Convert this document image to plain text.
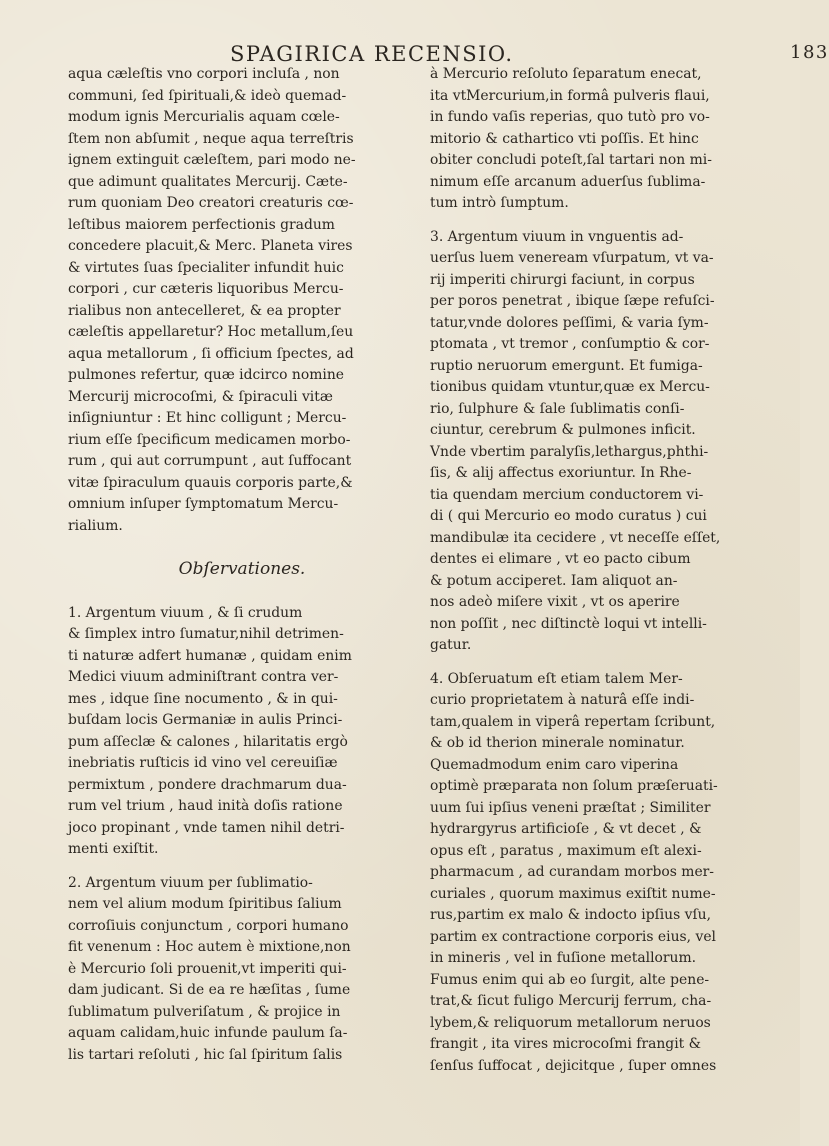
SPAGIRICA RECENSIO.	183
aqua cæleſtis vno corpori incluſa , non
communi, ſed ſpirituali,& ideò quemad-
modum ignis Mercurialis aquam cœle-
ſtem non abſumit , neque aqua terreſtris
ignem extinguit cæleſtem, pari modo ne-
que adimunt qualitates Mercurij. Cæte-
rum quoniam Deo creatori creaturis cœ-
leſtibus maiorem perfectionis gradum
concedere placuit,& Merc. Planeta vires
& virtutes ſuas ſpecialiter infundit huic
corpori , cur cæteris liquoribus Mercu-
rialibus non antecelleret, & ea propter
cæleſtis appellaretur? Hoc metallum,ſeu
aqua metallorum , ſi officium ſpectes, ad
pulmones refertur, quæ idcirco nomine
Mercurij microcoſmi, & ſpiraculi vitæ
inſigniuntur : Et hinc colligunt ; Mercu-
rium eſſe ſpecificum medicamen morbo-
rum , qui aut corrumpunt , aut ſuffocant
vitæ ſpiraculum quauis corporis parte,&
omnium inſuper ſymptomatum Mercu-
rialium.
Obſervationes.
1. Argentum viuum , & ſi crudum
& ſimplex intro ſumatur,nihil detrimen-
ti naturæ adfert humanæ , quidam enim
Medici viuum adminiſtrant contra ver-
mes , idque ſine nocumento , & in qui-
buſdam locis Germaniæ in aulis Princi-
pum aſſeclæ & calones , hilaritatis ergò
inebriatis ruſticis id vino vel cereuiſiæ
permixtum , pondere drachmarum dua-
rum vel trium , haud inità doſis ratione
joco propinant , vnde tamen nihil detri-
menti exiſtit.
2. Argentum viuum per ſublimatio-
nem vel alium modum ſpiritibus ſalium
corroſiuis conjunctum , corpori humano
fit venenum : Hoc autem è mixtione,non
è Mercurio ſoli prouenit,vt imperiti qui-
dam judicant. Si de ea re hæſitas , ſume
ſublimatum pulveriſatum , & projice in
aquam calidam,huic infunde paulum ſa-
lis tartari reſoluti , hic ſal ſpiritum ſalis
à Mercurio reſoluto ſeparatum enecat,
ita vtMercurium,in formâ pulveris flaui,
in fundo vaſis reperias, quo tutò pro vo-
mitorio & cathartico vti poſſis. Et hinc
obiter concludi poteſt,ſal tartari non mi-
nimum eſſe arcanum aduerſus ſublima-
tum intrò ſumptum.
3. Argentum viuum in vnguentis ad-
uerſus luem veneream vſurpatum, vt va-
rij imperiti chirurgi faciunt, in corpus
per poros penetrat , ibique ſæpe refuſci-
tatur,vnde dolores peſſimi, & varia ſym-
ptomata , vt tremor , conſumptio & cor-
ruptio neruorum emergunt. Et fumiga-
tionibus quidam vtuntur,quæ ex Mercu-
rio, ſulphure & ſale ſublimatis conſi-
ciuntur, cerebrum & pulmones inficit.
Vnde vbertim paralyſis,lethargus,phthi-
ſis, & alij affectus exoriuntur. In Rhe-
tia quendam mercium conductorem vi-
di ( qui Mercurio eo modo curatus ) cui
mandibulæ ita cecidere , vt neceſſe eſſet,
dentes ei elimare , vt eo pacto cibum
& potum acciperet. Iam aliquot an-
nos adeò miſere vixit , vt os aperire
non poſſit , nec diſtinctè loqui vt intelli-
gatur.
4. Obſeruatum eſt etiam talem Mer-
curio proprietatem à naturâ eſſe indi-
tam,qualem in viperâ repertam ſcribunt,
& ob id therion minerale nominatur.
Quemadmodum enim caro viperina
optimè præparata non ſolum præſeruati-
uum ſui ipſius veneni præſtat ; Similiter
hydrargyrus artificioſe , & vt decet , &
opus eſt , paratus , maximum eſt alexi-
pharmacum , ad curandam morbos mer-
curiales , quorum maximus exiſtit nume-
rus,partim ex malo & indocto ipſius vſu,
partim ex contractione corporis eius, vel
in mineris , vel in fuſione metallorum.
Fumus enim qui ab eo ſurgit, alte pene-
trat,& ſicut fuligo Mercurij ferrum, cha-
lybem,& reliquorum metallorum neruos
frangit , ita vires microcoſmi frangit &
ſenſus ſuffocat , dejicitque , ſuper omnes
